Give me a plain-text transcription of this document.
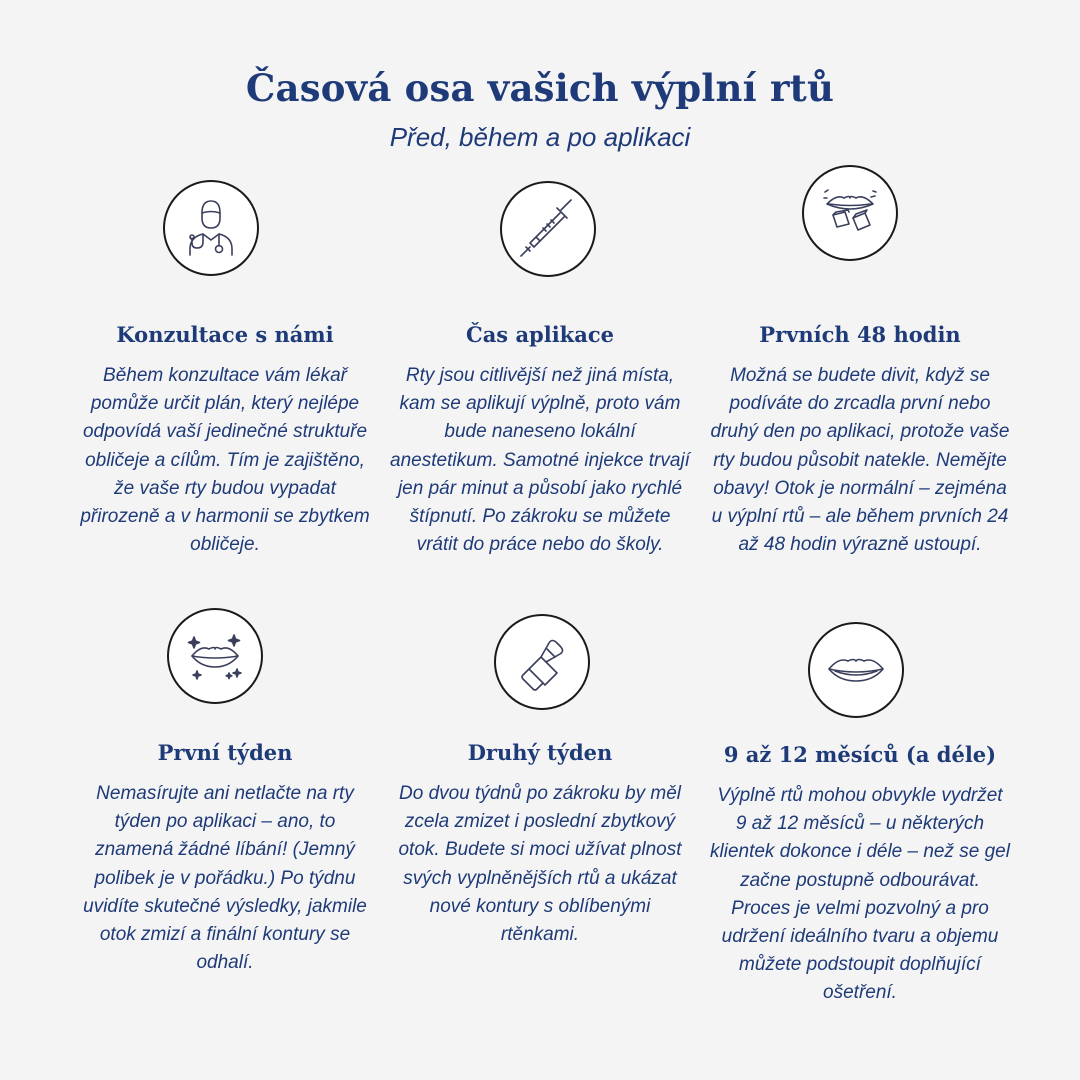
Časová osa vašich výplní rtů

Před, během a po aplikaci

Konzultace s námi

Během konzultace vám lékař pomůže určit plán, který nejlépe odpovídá vaší jedinečné struktuře obličeje a cílům. Tím je zajištěno, že vaše rty budou vypadat přirozeně a v harmonii se zbytkem obličeje.

Čas aplikace

Rty jsou citlivější než jiná místa, kam se aplikují výplně, proto vám bude naneseno lokální anestetikum. Samotné injekce trvají jen pár minut a působí jako rychlé štípnutí. Po zákroku se můžete vrátit do práce nebo do školy.

Prvních 48 hodin

Možná se budete divit, když se podíváte do zrcadla první nebo druhý den po aplikaci, protože vaše rty budou působit natekle. Nemějte obavy! Otok je normální – zejména u výplní rtů – ale během prvních 24 až 48 hodin výrazně ustoupí.

První týden

Nemasírujte ani netlačte na rty týden po aplikaci – ano, to znamená žádné líbání! (Jemný polibek je v pořádku.) Po týdnu uvidíte skutečné výsledky, jakmile otok zmizí a finální kontury se odhalí.

Druhý týden

Do dvou týdnů po zákroku by měl zcela zmizet i poslední zbytkový otok. Budete si moci užívat plnost svých vyplněnějších rtů a ukázat nové kontury s oblíbenými rtěnkami.

9 až 12 měsíců (a déle)

Výplně rtů mohou obvykle vydržet 9 až 12 měsíců – u některých klientek dokonce i déle – než se gel začne postupně odbourávat. Proces je velmi pozvolný a pro udržení ideálního tvaru a objemu můžete podstoupit doplňující ošetření.
